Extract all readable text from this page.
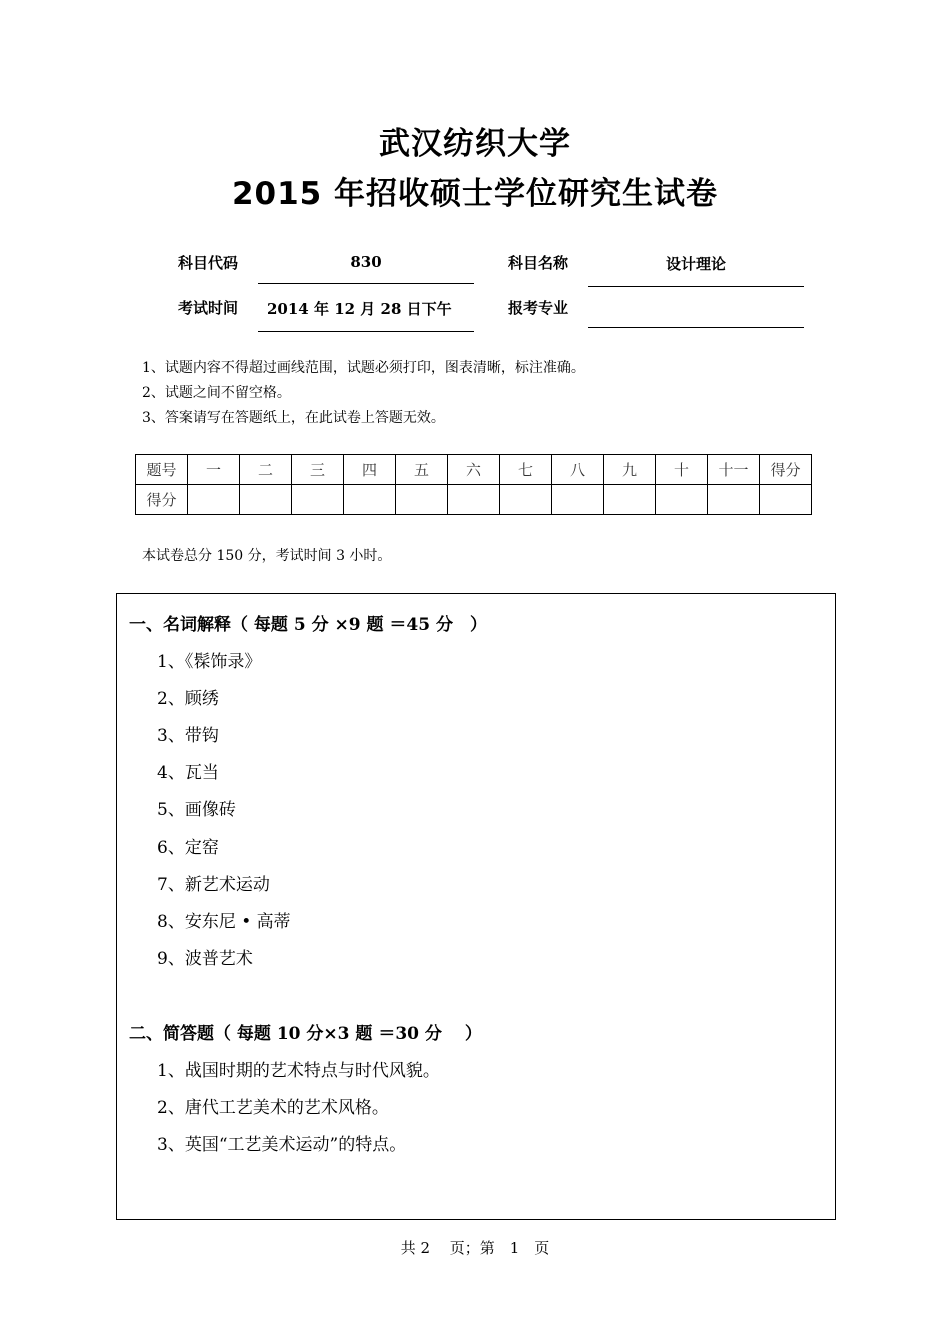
武汉纺织大学
2015 年招收硕士学位研究生试卷
科目代码	830	科目名称	设计理论
考试时间	2014 年 12 月 28 日下午	报考专业
1、试题内容不得超过画线范围，试题必须打印，图表清晰，标注准确。
2、试题之间不留空格。
3、答案请写在答题纸上，在此试卷上答题无效。
题号	一	二	三	四	五	六	七	八	九	十	十一	得分
得分												
本试卷总分 150 分，考试时间 3 小时。
一、名词解释（ 每题 5 分 ×9 题 ＝45 分　）
1、《髹饰录》
2、顾绣
3、带钩
4、瓦当
5、画像砖
6、定窑
7、新艺术运动
8、安东尼 • 高蒂
9、波普艺术
二、简答题（ 每题 10 分×3 题 ＝30 分　 ）
1、战国时期的艺术特点与时代风貌。
2、唐代工艺美术的艺术风格。
3、英国“工艺美术运动”的特点。
共 2　 页；第　1　页
